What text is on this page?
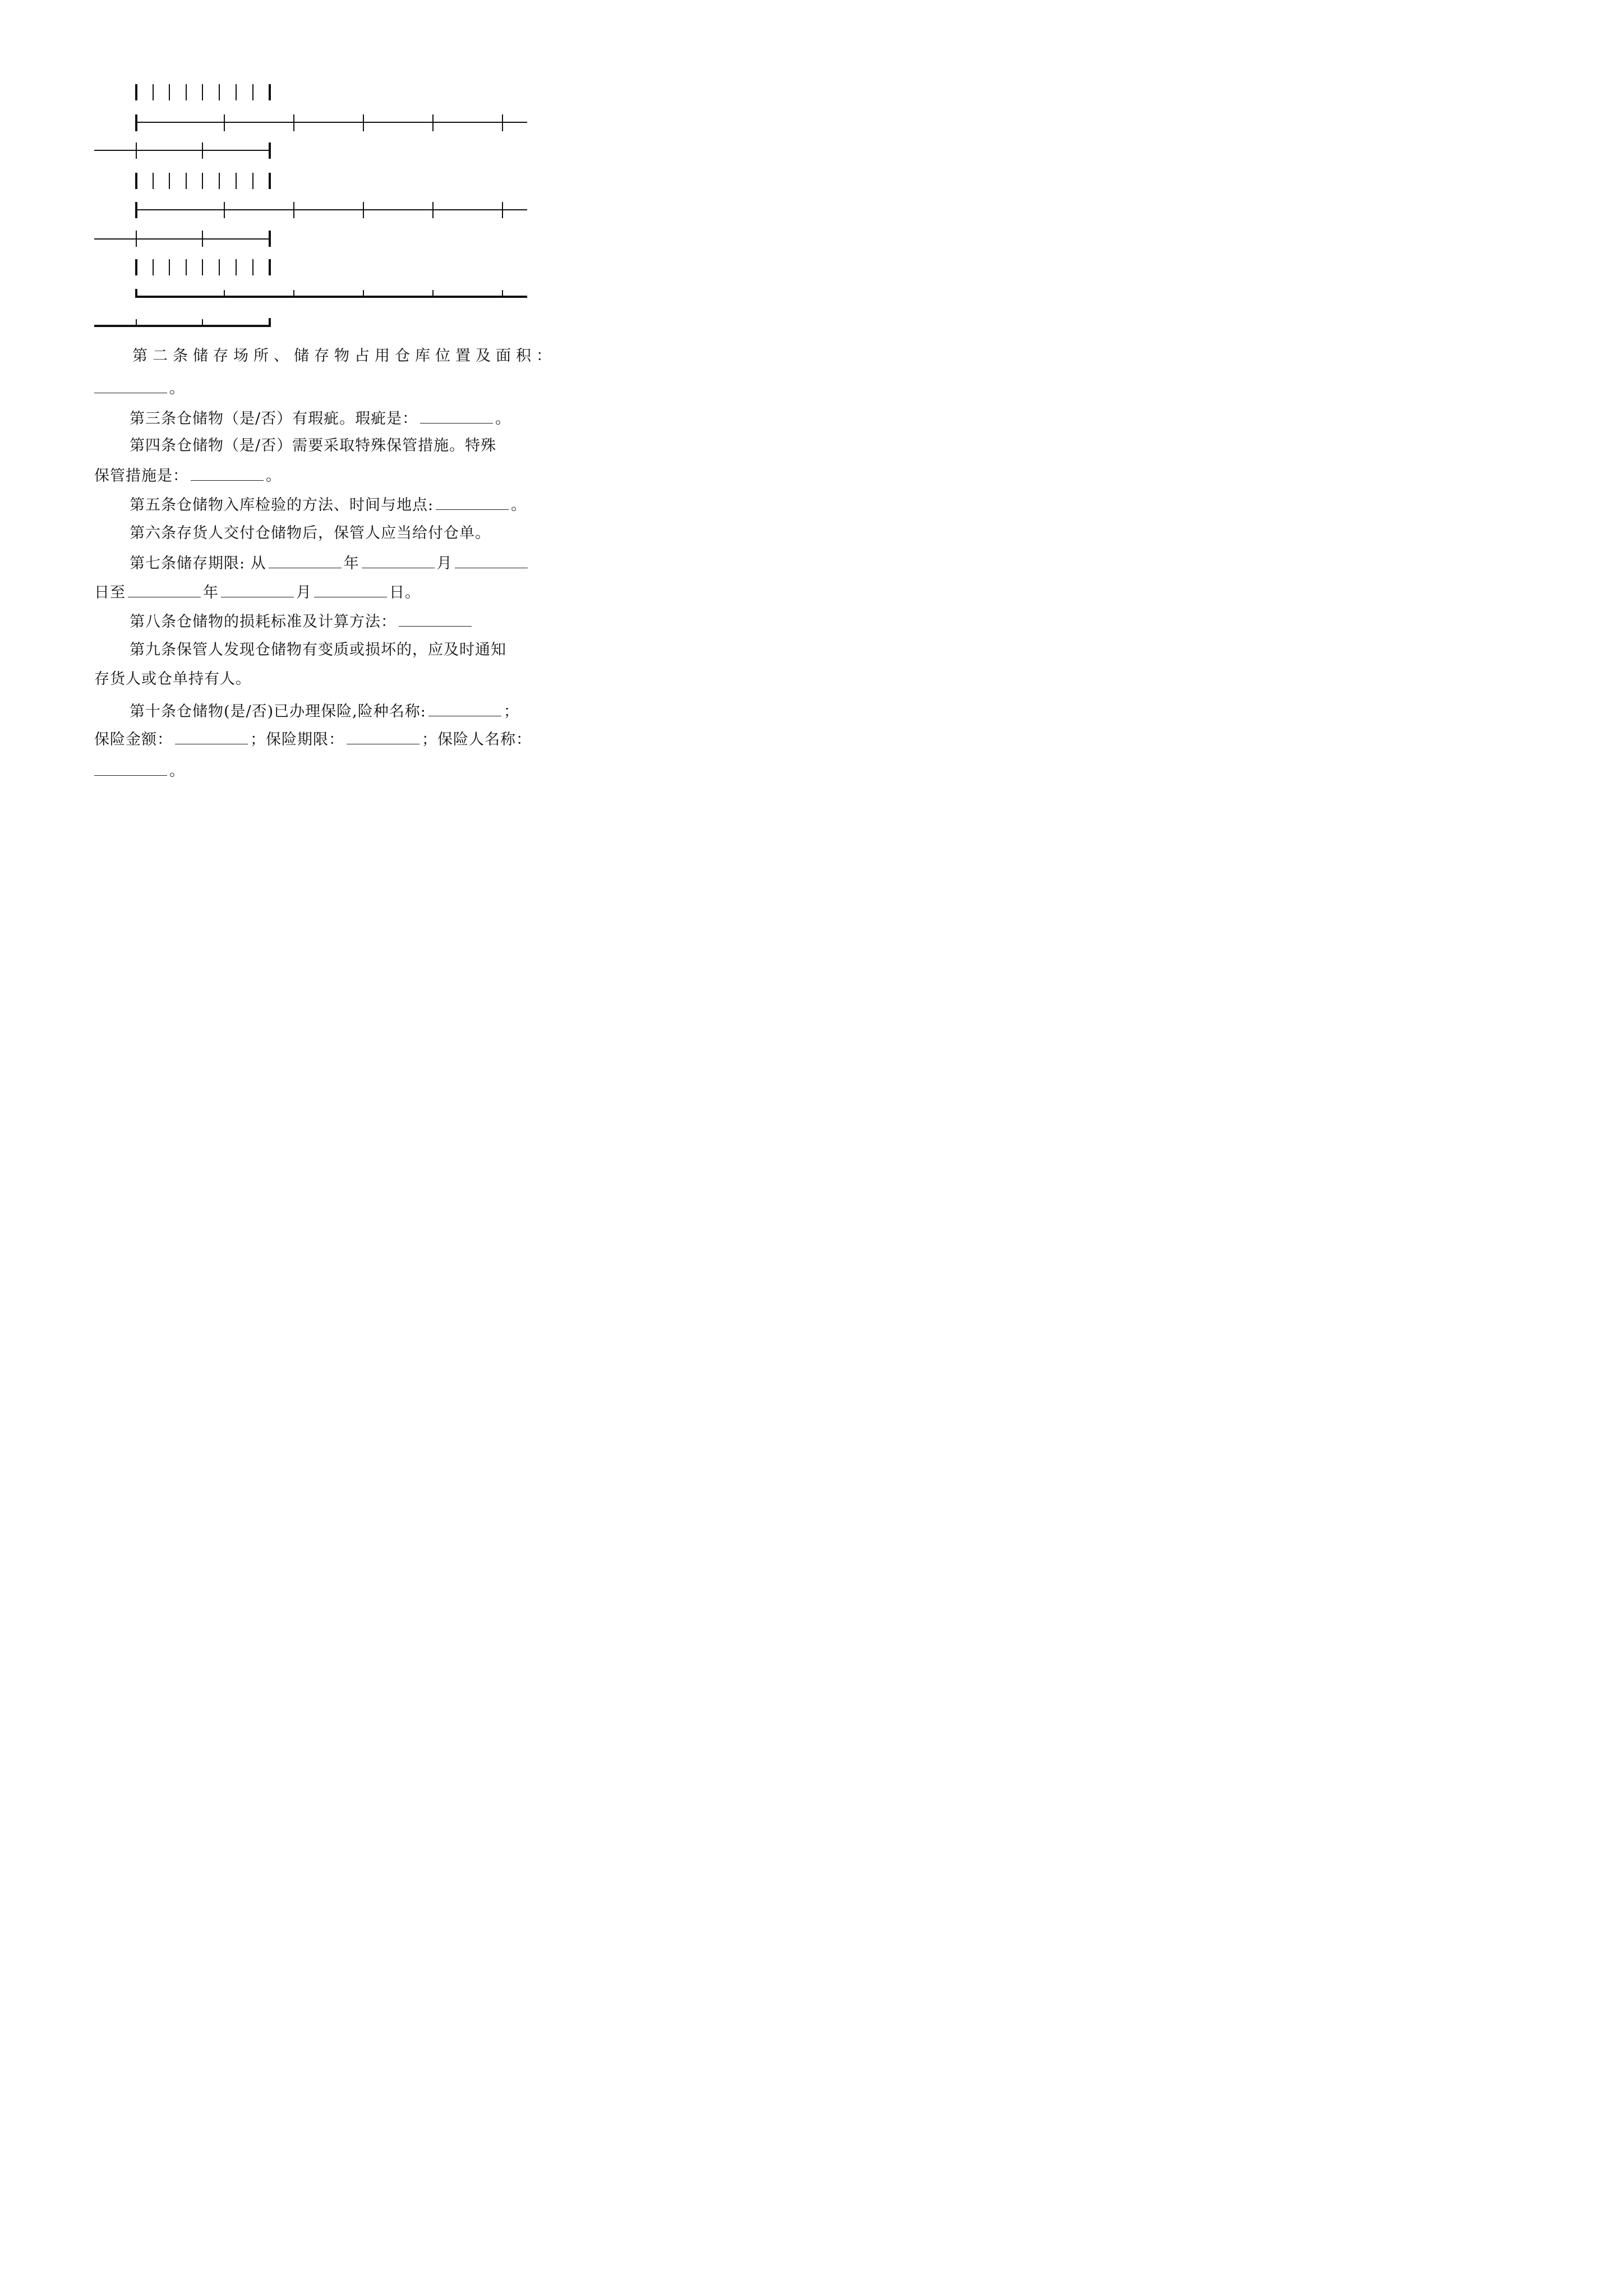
第二条储存场所、储存物占用仓库位置及面积：
。
第三条仓储物（是/否）有瑕疵。瑕疵是：	。
第四条仓储物（是/否）需要采取特殊保管措施。特殊
保管措施是：	。
第五条仓储物入库检验的方法、时间与地点:	。
第六条存货人交付仓储物后，保管人应当给付仓单。
第七条储存期限: 从	年	月
日至	年	月	日。
第八条仓储物的损耗标准及计算方法：
第九条保管人发现仓储物有变质或损坏的，应及时通知
存货人或仓单持有人。
第十条仓储物(是/否)已办理保险,险种名称:	；
保险金额：	；保险期限：	；保险人名称：
。
